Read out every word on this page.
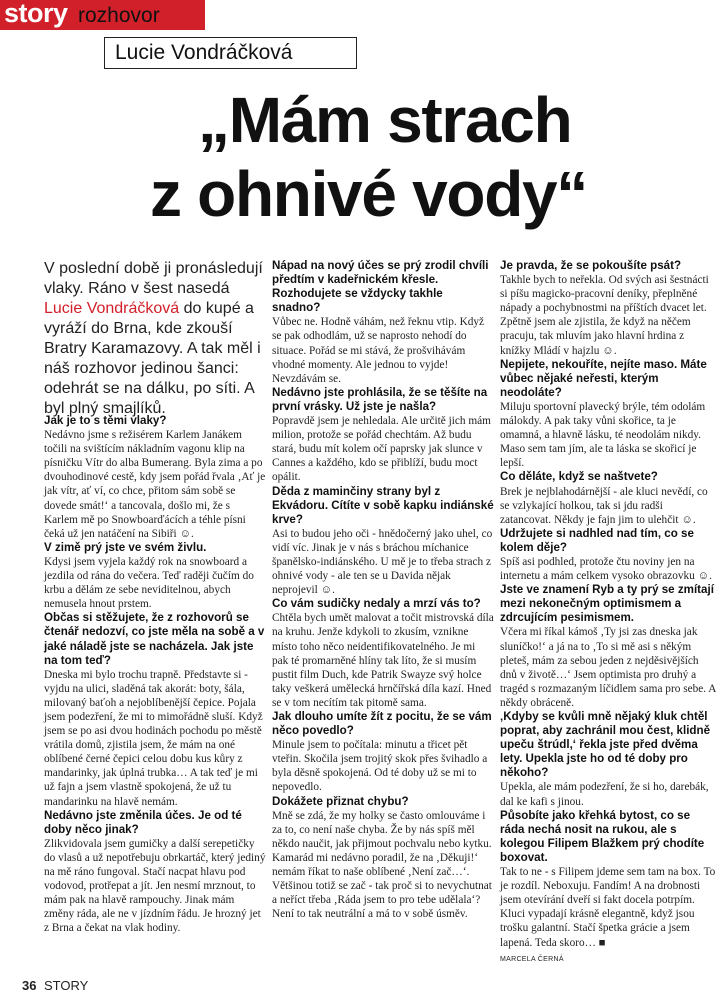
story rozhovor
Lucie Vondráčková
„Mám strach
z ohnivé vody“

V poslední době ji pronásledují vlaky. Ráno v šest nasedá Lucie Vondráčková do kupé a vyráží do Brna, kde zkouší Bratry Karamazovy. A tak měl i náš rozhovor jedinou šanci: odehrát se na dálku, po síti. A byl plný smajlíků.

Jak je to s těmi vlaky?
Nedávno jsme s režisérem Karlem Janákem točili na svištícím nákladním vagonu klip na písničku Vítr do alba Bumerang. Byla zima a po dvouhodinové cestě, kdy jsem pořád řvala ‚Ať je jak vítr, ať ví, co chce, přitom sám sobě se dovede smát!‘ a tancovala, došlo mi, že s Karlem mě po Snowboarďácích a téhle písni čeká už jen natáčení na Sibiři ☺.
V zimě prý jste ve svém živlu.
Kdysi jsem vyjela každý rok na snowboard a jezdila od rána do večera. Teď raději čučím do krbu a dělám ze sebe neviditelnou, abych nemusela hnout prstem.
Občas si stěžujete, že z rozhovorů se čtenář nedozví, co jste měla na sobě a v jaké náladě jste se nacházela. Jak jste na tom teď?
Dneska mi bylo trochu trapně. Představte si - vyjdu na ulici, sladěná tak akorát: boty, šála, milovaný baťoh a nejoblíbenější čepice. Pojala jsem podezření, že mi to mimořádně sluší. Když jsem se po asi dvou hodinách pochodu po městě vrátila domů, zjistila jsem, že mám na oné oblíbené černé čepici celou dobu kus kůry z mandarinky, jak úplná trubka… A tak teď je mi už fajn a jsem vlastně spokojená, že už tu mandarinku na hlavě nemám.
Nedávno jste změnila účes. Je od té doby něco jinak?
Zlikvidovala jsem gumičky a další serepetičky do vlasů a už nepotřebuju obrkartáč, který jediný na mě ráno fungoval. Stačí nacpat hlavu pod vodovod, protřepat a jít. Jen nesmí mrznout, to mám pak na hlavě rampouchy. Jinak mám změny ráda, ale ne v jízdním řádu. Je hrozný jet z Brna a čekat na vlak hodiny.
Nápad na nový účes se prý zrodil chvíli předtím v kadeřnickém křesle. Rozhodujete se vždycky takhle snadno?
Vůbec ne. Hodně váhám, než řeknu vtip. Když se pak odhodlám, už se naprosto nehodí do situace. Pořád se mi stává, že prošvihávám vhodné momenty. Ale jednou to vyjde! Nevzdávám se.
Nedávno jste prohlásila, že se těšíte na první vrásky. Už jste je našla?
Popravdě jsem je nehledala. Ale určitě jich mám milion, protože se pořád chechtám. Až budu stará, budu mít kolem očí paprsky jak slunce v Cannes a každého, kdo se přiblíží, budu moct opálit.
Děda z maminčiny strany byl z Ekvádoru. Cítíte v sobě kapku indiánské krve?
Asi to budou jeho oči - hnědočerný jako uhel, co vidí víc. Jinak je v nás s bráchou míchanice španělsko-indiánského. U mě je to třeba strach z ohnivé vody - ale ten se u Davida nějak neprojevil ☺.
Co vám sudičky nedaly a mrzí vás to?
Chtěla bych umět malovat a točit mistrovská díla na kruhu. Jenže kdykoli to zkusím, vznikne místo toho něco neidentifikovatelného. Je mi pak té promarněné hlíny tak líto, že si musím pustit film Duch, kde Patrik Swayze svý holce taky veškerá umělecká hrnčířská díla kazí. Hned se v tom necítím tak pitomě sama.
Jak dlouho umíte žít z pocitu, že se vám něco povedlo?
Minule jsem to počítala: minutu a třicet pět vteřin. Skočila jsem trojitý skok přes švihadlo a byla děsně spokojená. Od té doby už se mi to nepovedlo.
Dokážete přiznat chybu?
Mně se zdá, že my holky se často omlouváme i za to, co není naše chyba. Že by nás spíš měl někdo naučit, jak přijmout pochvalu nebo kytku. Kamarád mi nedávno poradil, že na ‚Děkuji!‘ nemám říkat to naše oblíbené ‚Není zač…‘. Většinou totiž se zač - tak proč si to nevychutnat a neříct třeba ‚Ráda jsem to pro tebe udělala‘? Není to tak neutrální a má to v sobě úsměv.
Je pravda, že se pokoušíte psát?
Takhle bych to neřekla. Od svých asi šestnácti si píšu magicko-pracovní deníky, přeplněné nápady a pochybnostmi na příštích dvacet let. Zpětně jsem ale zjistila, že když na něčem pracuju, tak mluvím jako hlavní hrdina z knížky Mládí v hajzlu ☺.
Nepijete, nekouříte, nejíte maso. Máte vůbec nějaké neřesti, kterým neodoláte?
Miluju sportovní plavecký brýle, tém odolám málokdy. A pak taky vůni skořice, ta je omamná, a hlavně lásku, té neodolám nikdy. Maso sem tam jím, ale ta láska se skořicí je lepší.
Co děláte, když se naštvete?
Brek je nejblahodárnější - ale kluci nevědí, co se vzlykající holkou, tak si jdu radši zatancovat. Někdy je fajn jim to ulehčit ☺.
Udržujete si nadhled nad tím, co se kolem děje?
Spíš asi podhled, protože čtu noviny jen na internetu a mám celkem vysoko obrazovku ☺.
Jste ve znamení Ryb a ty prý se zmítají mezi nekonečným optimismem a zdrcujícím pesimismem.
Včera mi říkal kámoš ‚Ty jsi zas dneska jak sluníčko!‘ a já na to ‚To si mě asi s někým pleteš, mám za sebou jeden z nejděsivějších dnů v životě…‘ Jsem optimista pro druhý a tragéd s rozmazaným líčidlem sama pro sebe. A někdy obráceně.
‚Kdyby se kvůli mně nějaký kluk chtěl poprat, aby zachránil mou čest, klidně upeču štrúdl,‘ řekla jste před dvěma lety. Upekla jste ho od té doby pro někoho?
Upekla, ale mám podezření, že si ho, darebák, dal ke kafi s jinou.
Působíte jako křehká bytost, co se ráda nechá nosit na rukou, ale s kolegou Filipem Blažkem prý chodíte boxovat.
Tak to ne - s Filipem jdeme sem tam na box. To je rozdíl. Neboxuju. Fandím! A na drobnosti jsem otevírání dveří si fakt docela potrpím. Kluci vypadají krásně elegantně, když jsou trošku galantní. Stačí špetka grácie a jsem lapená. Teda skoro… ■
MARCELA ČERNÁ
36 STORY
